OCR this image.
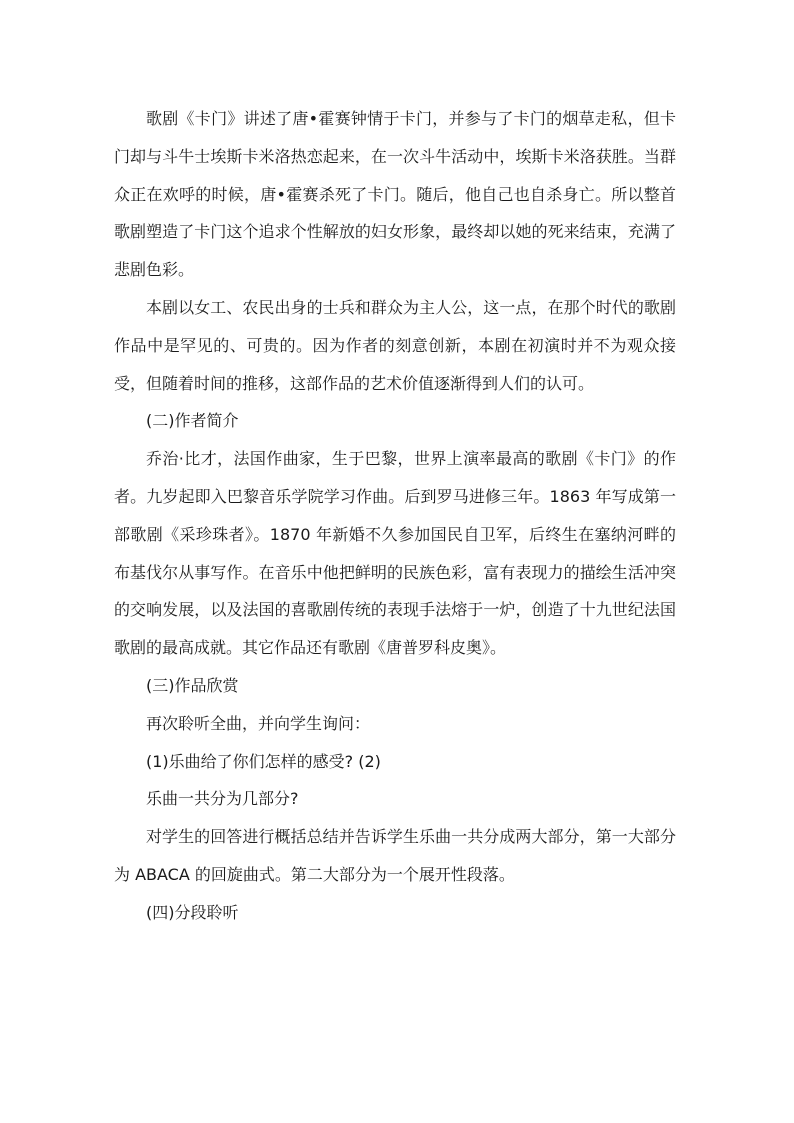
歌剧《卡门》讲述了唐•霍赛钟情于卡门，并参与了卡门的烟草走私，但卡门却与斗牛士埃斯卡米洛热恋起来，在一次斗牛活动中，埃斯卡米洛获胜。当群众正在欢呼的时候，唐•霍赛杀死了卡门。随后，他自己也自杀身亡。所以整首歌剧塑造了卡门这个追求个性解放的妇女形象，最终却以她的死来结束，充满了悲剧色彩。

本剧以女工、农民出身的士兵和群众为主人公，这一点，在那个时代的歌剧作品中是罕见的、可贵的。因为作者的刻意创新，本剧在初演时并不为观众接受，但随着时间的推移，这部作品的艺术价值逐渐得到人们的认可。

(二)作者简介

乔治·比才，法国作曲家，生于巴黎，世界上演率最高的歌剧《卡门》的作者。九岁起即入巴黎音乐学院学习作曲。后到罗马进修三年。1863 年写成第一部歌剧《采珍珠者》。1870 年新婚不久参加国民自卫军，后终生在塞纳河畔的布基伐尔从事写作。在音乐中他把鲜明的民族色彩，富有表现力的描绘生活冲突的交响发展，以及法国的喜歌剧传统的表现手法熔于一炉，创造了十九世纪法国歌剧的最高成就。其它作品还有歌剧《唐普罗科皮奥》。

(三)作品欣赏

再次聆听全曲，并向学生询问：

(1)乐曲给了你们怎样的感受? (2)

乐曲一共分为几部分?

对学生的回答进行概括总结并告诉学生乐曲一共分成两大部分，第一大部分为 ABACA 的回旋曲式。第二大部分为一个展开性段落。

(四)分段聆听
